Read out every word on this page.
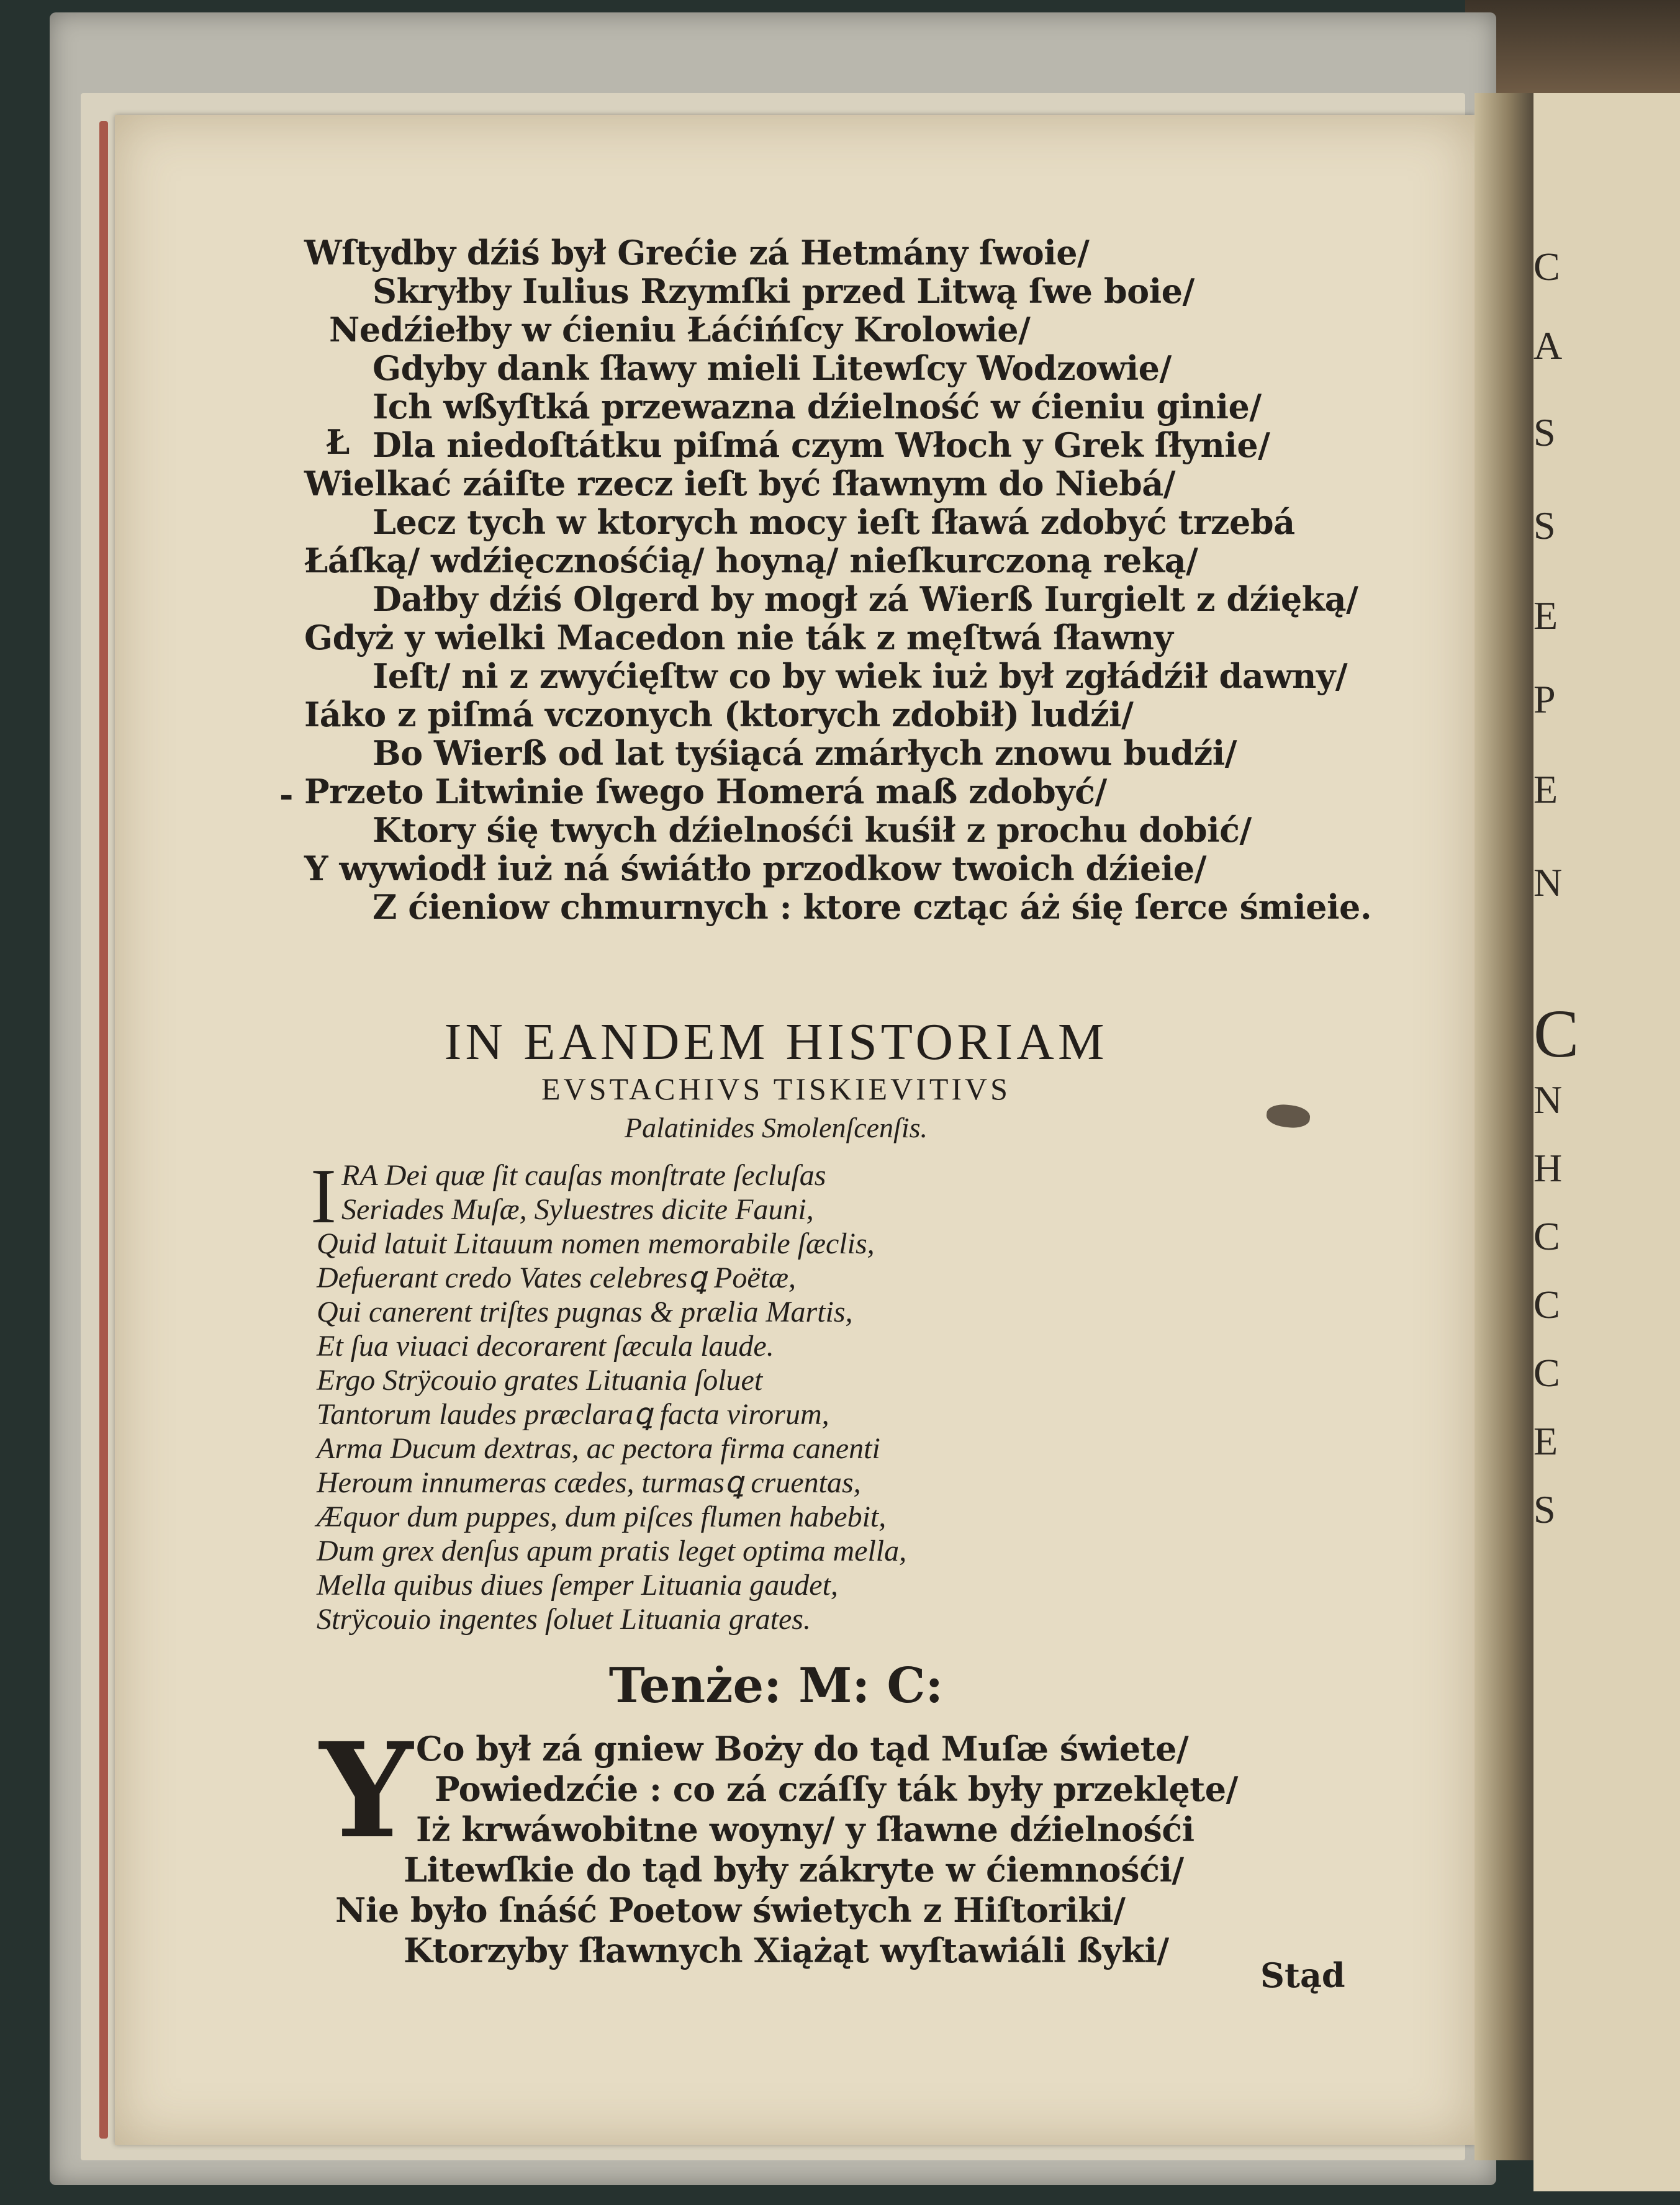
C
A
S
S
E
P
E
N
C
N
H
C
C
C
E
S
Wſtydby dźiś był Grećie zá Hetmány ſwoie/
Skryłby Iulius Rzymſki przed Litwą ſwe boie/
Nedźiełby w ćieniu Łáćińſcy Krolowie/
Gdyby dank ſławy mieli Litewſcy Wodzowie/
Ł
Ich wßyſtká przewazna dźielność w ćieniu ginie/
Dla niedoſtátku piſmá czym Włoch y Grek ſłynie/
Wielkać záiſte rzecz ieſt być ſławnym do Niebá/
Lecz tych w ktorych mocy ieſt ſławá zdobyć trzebá
Łáſką/ wdźięcznośćią/ hoyną/ nieſkurczoną reką/
Dałby dźiś Olgerd by mogł zá Wierß Iurgielt z dźięką/
Gdyż y wielki Macedon nie ták z męſtwá ſławny
Ieſt/ ni z zwyćięſtw co by wiek iuż był zgłádźił dawny/
Iáko z piſmá vczonych (ktorych zdobił) ludźi/
Bo Wierß od lat tyśiącá zmárłych znowu budźi/
- Przeto Litwinie ſwego Homerá maß zdobyć/
Ktory śię twych dźielnośći kuśił z prochu dobić/
Y wywiodł iuż ná świátło przodkow twoich dźieie/
Z ćieniow chmurnych : ktore cztąc áż śię ſerce śmieie.
IN EANDEM HISTORIAM
EVSTACHIVS TISKIEVITIVS
Palatinides Smolenſcenſis.
I RA Dei quæ ſit cauſas monſtrate ſecluſas
Seriades Muſæ, Syluestres dicite Fauni,
Quid latuit Litauum nomen memorabile ſæclis,
Defuerant credo Vates celebresꝗ Poëtæ,
Qui canerent triſtes pugnas & prælia Martis,
Et ſua viuaci decorarent ſæcula laude.
Ergo Strÿcouio grates Lituania ſoluet
Tantorum laudes præclaraꝗ facta virorum,
Arma Ducum dextras, ac pectora firma canenti
Heroum innumeras cædes, turmasꝗ cruentas,
Æquor dum puppes, dum piſces flumen habebit,
Dum grex denſus apum pratis leget optima mella,
Mella quibus diues ſemper Lituania gaudet,
Strÿcouio ingentes ſoluet Lituania grates.
Tenże: M: C:
Y Co był zá gniew Boży do tąd Muſæ świete/
Powiedzćie : co zá czáſſy ták były przeklęte/
Iż krwáwobitne woyny/ y ſławne dźielnośći
Litewſkie do tąd były zákryte w ćiemnośći/
Nie było ſnáść Poetow świetych z Hiſtoriki/
Ktorzyby ſławnych Xiążąt wyſtawiáli ßyki/
Stąd
